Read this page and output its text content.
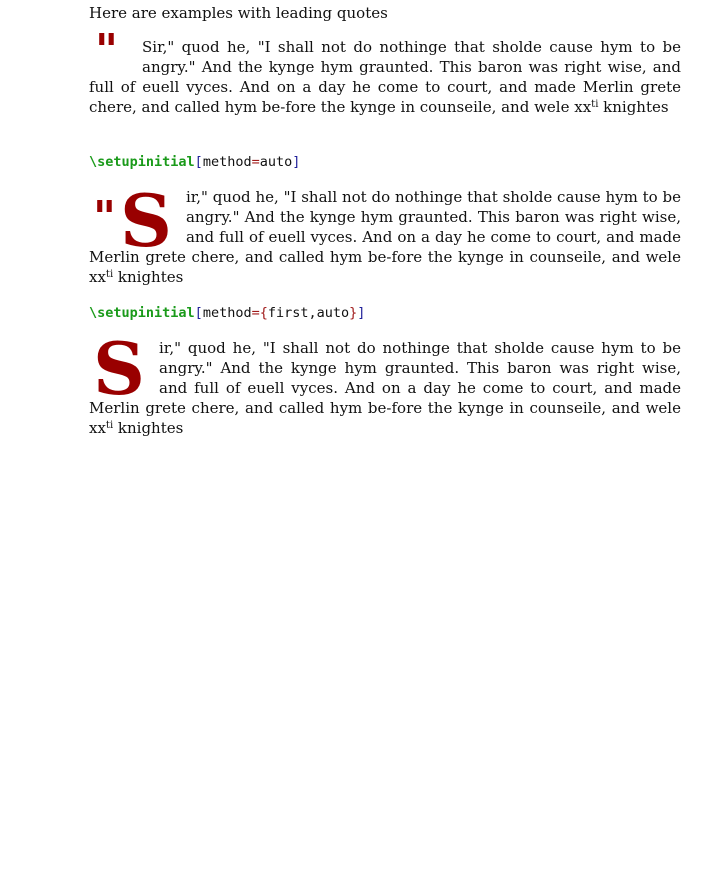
Here are examples with leading quotes

"	Sir," quod he, "I shall not do nothinge that sholde cause hym to be angry." And the kynge hym graunted. This baron was right wise, and full of euell vyces. And on a day he come to court, and made Merlin grete chere, and called hym be-fore the kynge in counseile, and wele $xx^{ti}$ knightes

\setupinitial[method=auto]

"S ir," quod he, "I shall not do nothinge that sholde cause hym to be angry." And the kynge hym graunted. This baron was right wise, and full of euell vyces. And on a day he come to court, and made Merlin grete chere, and called hym be-fore the kynge in counseile, and wele $xx^{ti}$ knightes

\setupinitial[method={first,auto}]

Sir," quod he, "I shall not do nothinge that sholde cause hym to be angry." And the kynge hym graunted. This baron was right wise, and full of euell vyces. And on a day he come to court, and made Merlin grete chere, and called hym be-fore the kynge in counseile, and wele $xx^{ti}$ knightes
